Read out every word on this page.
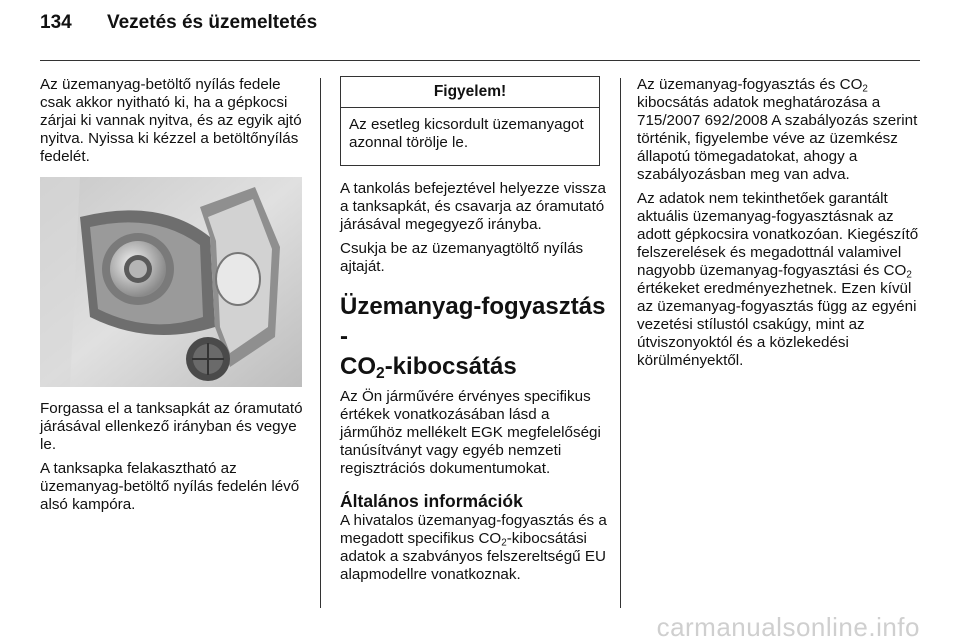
134 Vezetés és üzemeltetés

Az üzemanyag-betöltő nyílás fedele csak akkor nyitható ki, ha a gépkocsi zárjai ki vannak nyitva, és az egyik ajtó nyitva. Nyissa ki kézzel a betöltőnyílás fedelét.

Forgassa el a tanksapkát az óramutató járásával ellenkező irányban és vegye le.

A tanksapka felakasztható az üzemanyag-betöltő nyílás fedelén lévő alsó kampóra.

Figyelem!
Az esetleg kicsordult üzemanyagot azonnal törölje le.

A tankolás befejeztével helyezze vissza a tanksapkát, és csavarja az óramutató járásával megegyező irányba.

Csukja be az üzemanyagtöltő nyílás ajtaját.

Üzemanyag-fogyasztás -
$CO_2$-kibocsátás

Az Ön járművére érvényes specifikus értékek vonatkozásában lásd a járműhöz mellékelt EGK megfelelőségi tanúsítványt vagy egyéb nemzeti regisztrációs dokumentumokat.

Általános információk

A hivatalos üzemanyag-fogyasztás és a megadott specifikus $CO_2$-kibocsátási adatok a szabványos felszereltségű EU alapmodellre vonatkoznak.

Az üzemanyag-fogyasztás és $CO_2$ kibocsátás adatok meghatározása a 715/2007 692/2008 A szabályozás szerint történik, figyelembe véve az üzemkész állapotú tömegadatokat, ahogy a szabályozásban meg van adva.

Az adatok nem tekinthetőek garantált aktuális üzemanyag-fogyasztásnak az adott gépkocsira vonatkozóan. Kiegészítő felszerelések és megadottnál valamivel nagyobb üzemanyag-fogyasztási és $CO_2$ értékeket eredményezhetnek. Ezen kívül az üzemanyag-fogyasztás függ az egyéni vezetési stílustól csakúgy, mint az útviszonyoktól és a közlekedési körülményektől.

carmanualsonline.info
